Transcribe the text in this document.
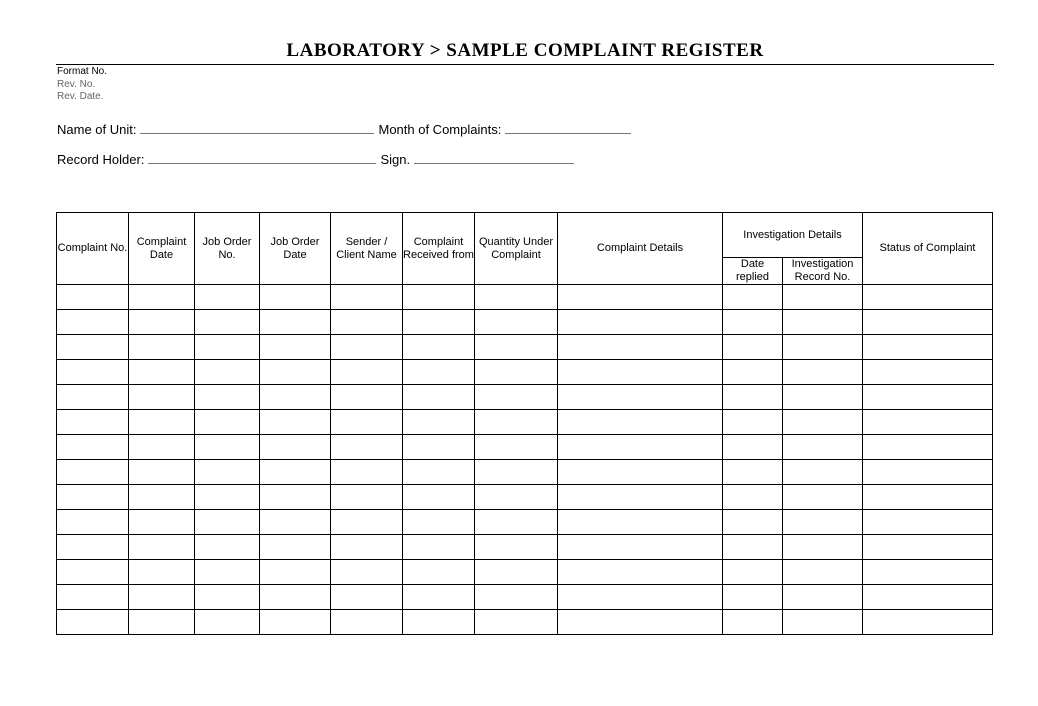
LABORATORY > SAMPLE COMPLAINT REGISTER
Format No.
Rev. No.
Rev. Date.
Name of Unit:	Month of Complaints:
Record Holder:	Sign.
Complaint No.	Complaint Date	Job Order No.	Job Order Date	Sender / Client Name	Complaint Received from	Quantity Under Complaint	Complaint Details	Investigation Details		Status of Complaint
								Date replied	Investigation Record No.	
